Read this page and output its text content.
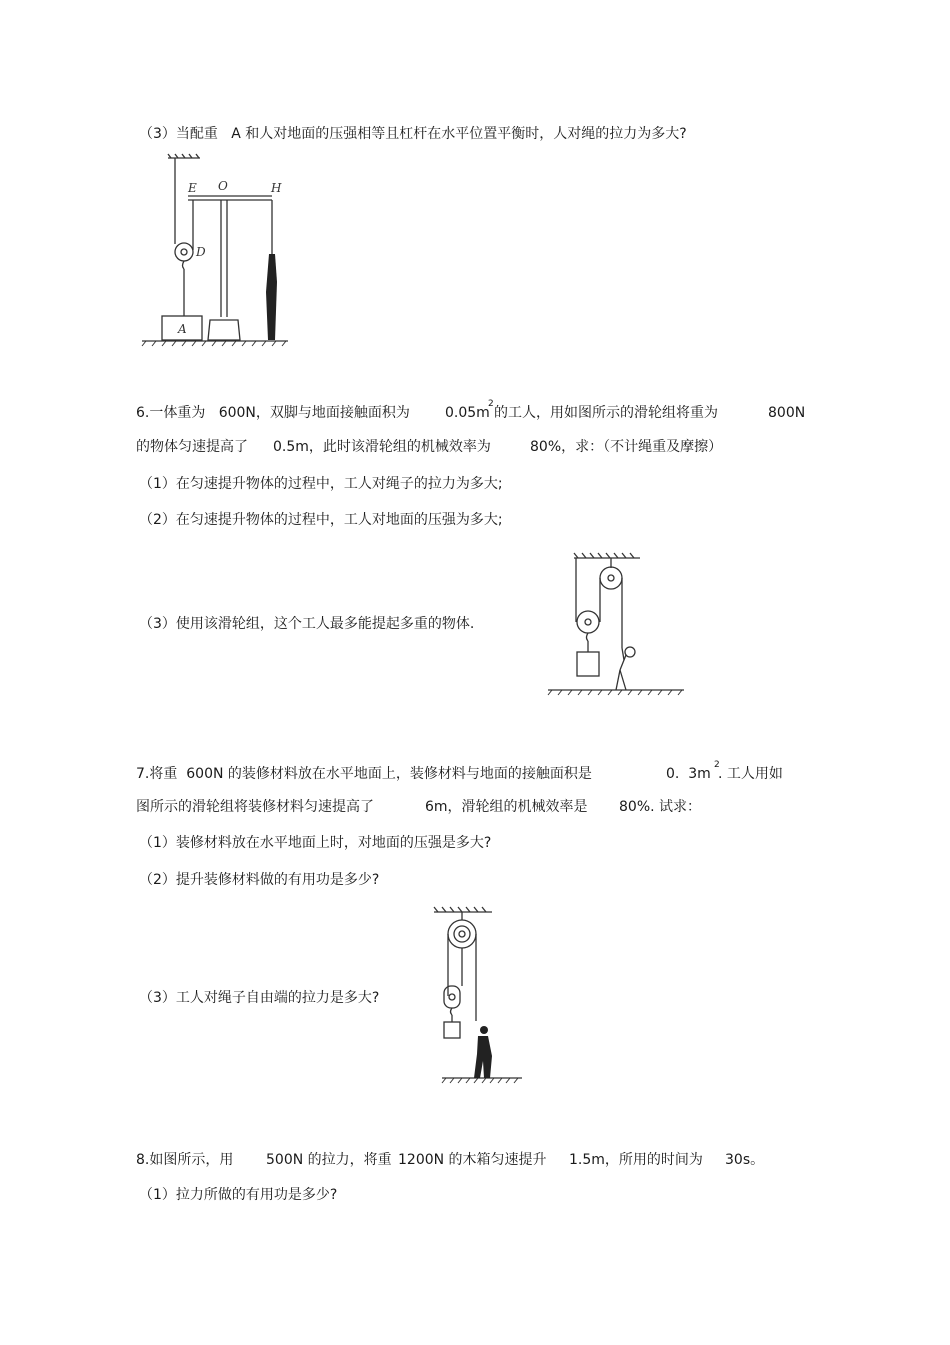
（3）当配重   A 和人对地面的压强相等且杠杆在水平位置平衡时，人对绳的拉力为多大?
E O	H
D
A

6.一体重为   600N，双脚与地面接触面积为

	0.05m

2

的工人，用如图所示的滑轮组将重为

	800N

的物体匀速提高了

0.5m，此时该滑轮组的机械效率为

	80%，求：（不计绳重及摩擦）

（1）在匀速提升物体的过程中，工人对绳子的拉力为多大;
（2）在匀速提升物体的过程中，工人对地面的压强为多大;
（3）使用该滑轮组，这个工人最多能提起多重的物体.

7.将重  600N 的装修材料放在水平地面上，装修材料与地面的接触面积是

	0.  3m

2

. 工人用如

图所示的滑轮组将装修材料匀速提高了

	6m，滑轮组的机械效率是

80%. 试求：

（1）装修材料放在水平地面上时，对地面的压强是多大?
（2）提升装修材料做的有用功是多少?
（3）工人对绳子自由端的拉力是多大?

8.如图所示，用

500N 的拉力，将重

1200N 的木箱匀速提升

1.5m，所用的时间为

30s。

（1）拉力所做的有用功是多少?
